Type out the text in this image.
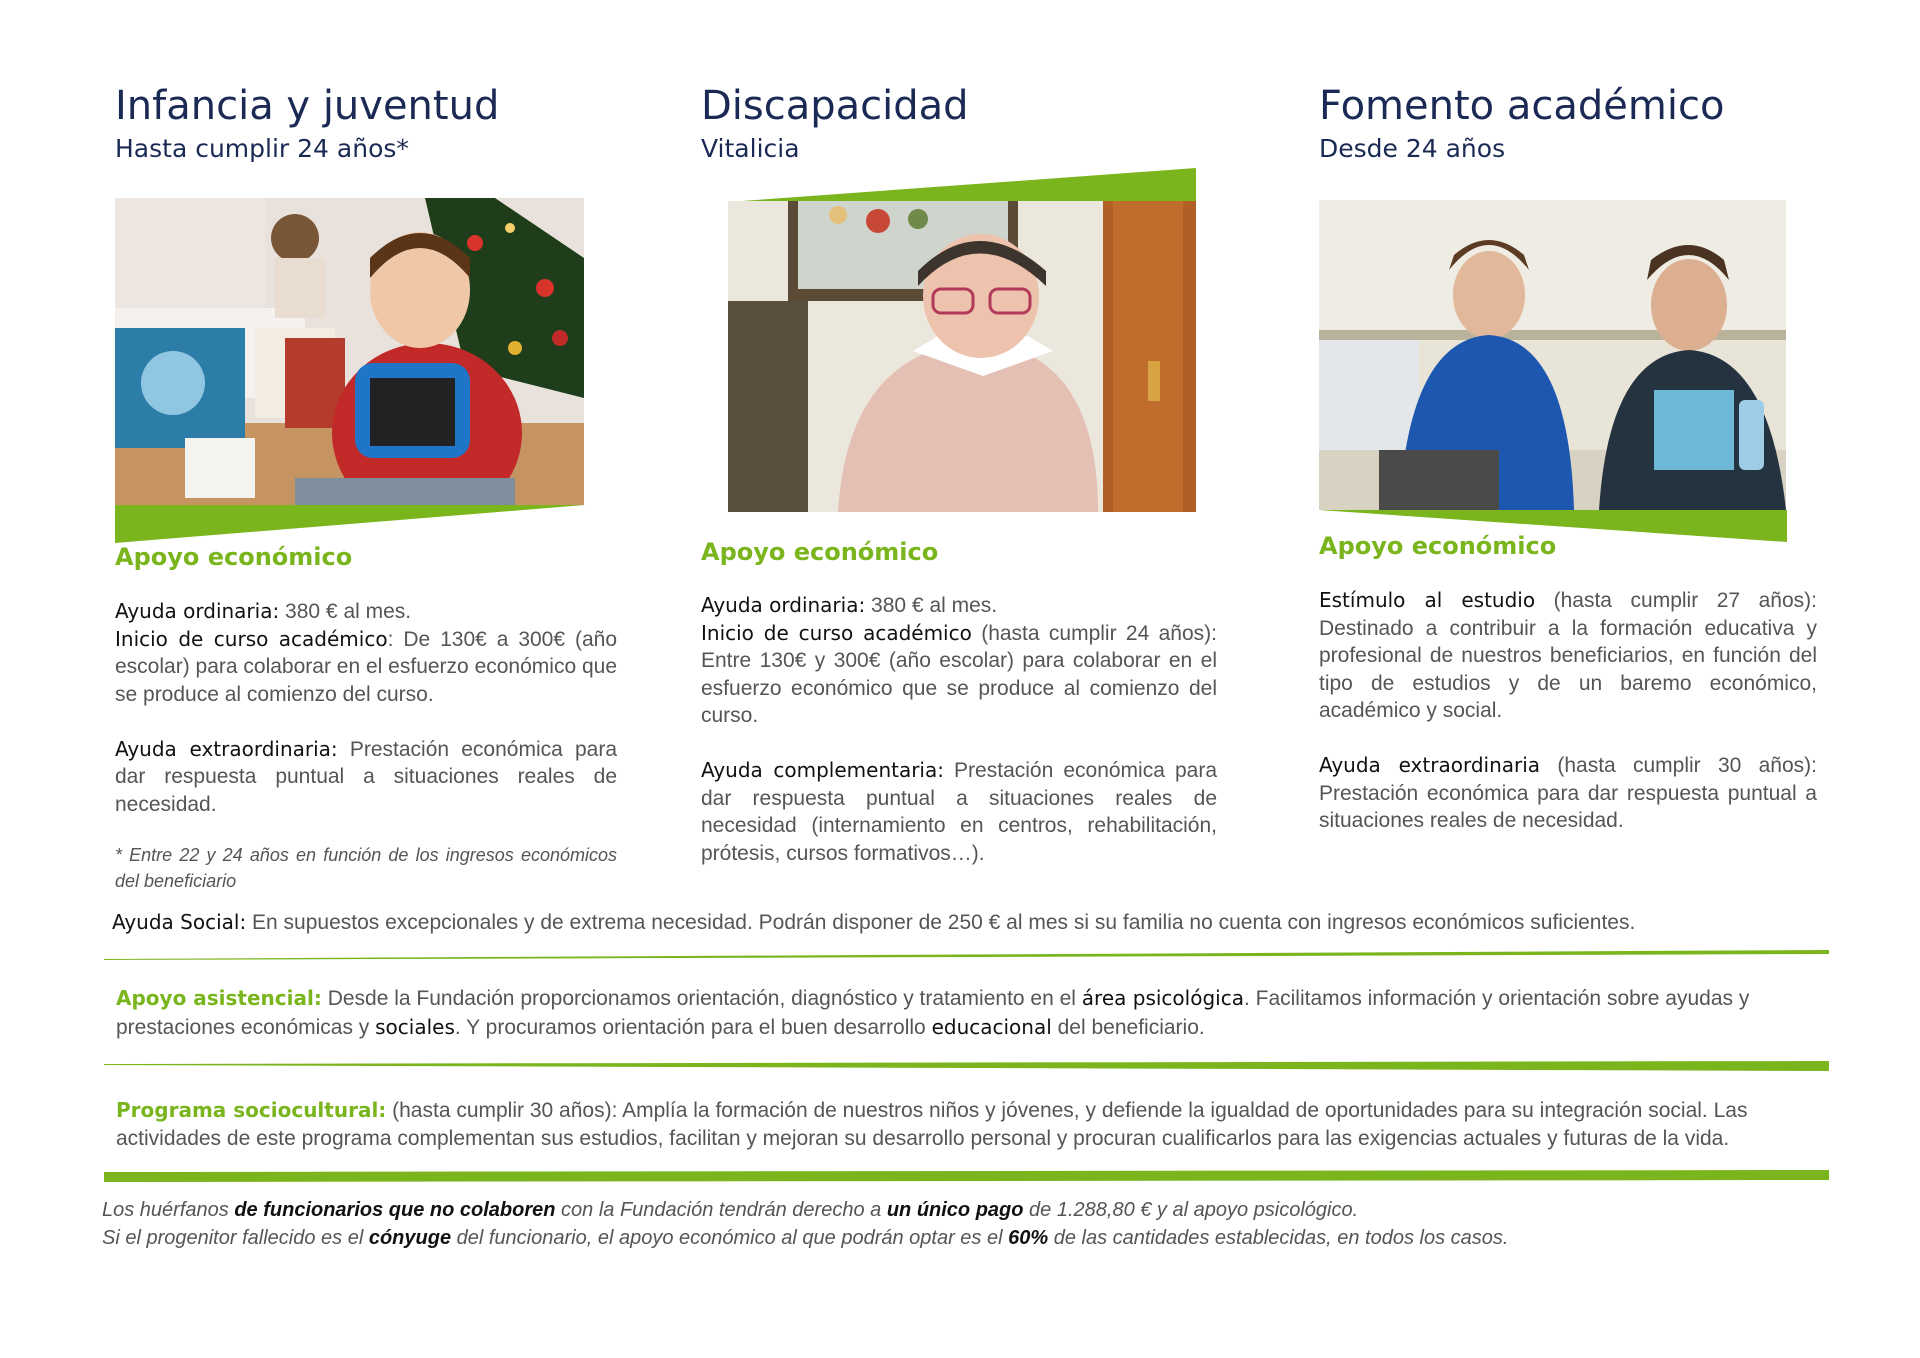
Infancia y juventud
Hasta cumplir 24 años*
Apoyo económico
Ayuda ordinaria: 380 € al mes.
Inicio de curso académico: De 130€ a 300€ (año escolar) para colaborar en el esfuerzo económico que se produce al comienzo del curso.
Ayuda extraordinaria: Prestación económica para dar respuesta puntual a situaciones reales de necesidad.
* Entre 22 y 24 años en función de los ingresos económicos del beneficiario
Discapacidad
Vitalicia
Apoyo económico
Ayuda ordinaria: 380 € al mes.
Inicio de curso académico (hasta cumplir 24 años): Entre 130€ y 300€ (año escolar) para colaborar en el esfuerzo económico que se produce al comienzo del curso.
Ayuda complementaria: Prestación económica para dar respuesta puntual a situaciones reales de necesidad (internamiento en centros, rehabilitación, prótesis, cursos formativos…).
Fomento académico
Desde 24 años
Apoyo económico
Estímulo al estudio (hasta cumplir 27 años): Destinado a contribuir a la formación educativa y profesional de nuestros beneficiarios, en función del tipo de estudios y de un baremo económico, académico y social.
Ayuda extraordinaria (hasta cumplir 30 años): Prestación económica para dar respuesta puntual a situaciones reales de necesidad.
Ayuda Social: En supuestos excepcionales y de extrema necesidad. Podrán disponer de 250 € al mes si su familia no cuenta con ingresos económicos suficientes.
Apoyo asistencial: Desde la Fundación proporcionamos orientación, diagnóstico y tratamiento en el área psicológica. Facilitamos información y orientación sobre ayudas y prestaciones económicas y sociales. Y procuramos orientación para el buen desarrollo educacional del beneficiario.
Programa sociocultural: (hasta cumplir 30 años): Amplía la formación de nuestros niños y jóvenes, y defiende la igualdad de oportunidades para su integración social. Las actividades de este programa complementan sus estudios, facilitan y mejoran su desarrollo personal y procuran cualificarlos para las exigencias actuales y futuras de la vida.
Los huérfanos de funcionarios que no colaboren con la Fundación tendrán derecho a un único pago de 1.288,80 € y al apoyo psicológico.
Si el progenitor fallecido es el cónyuge del funcionario, el apoyo económico al que podrán optar es el 60% de las cantidades establecidas, en todos los casos.
